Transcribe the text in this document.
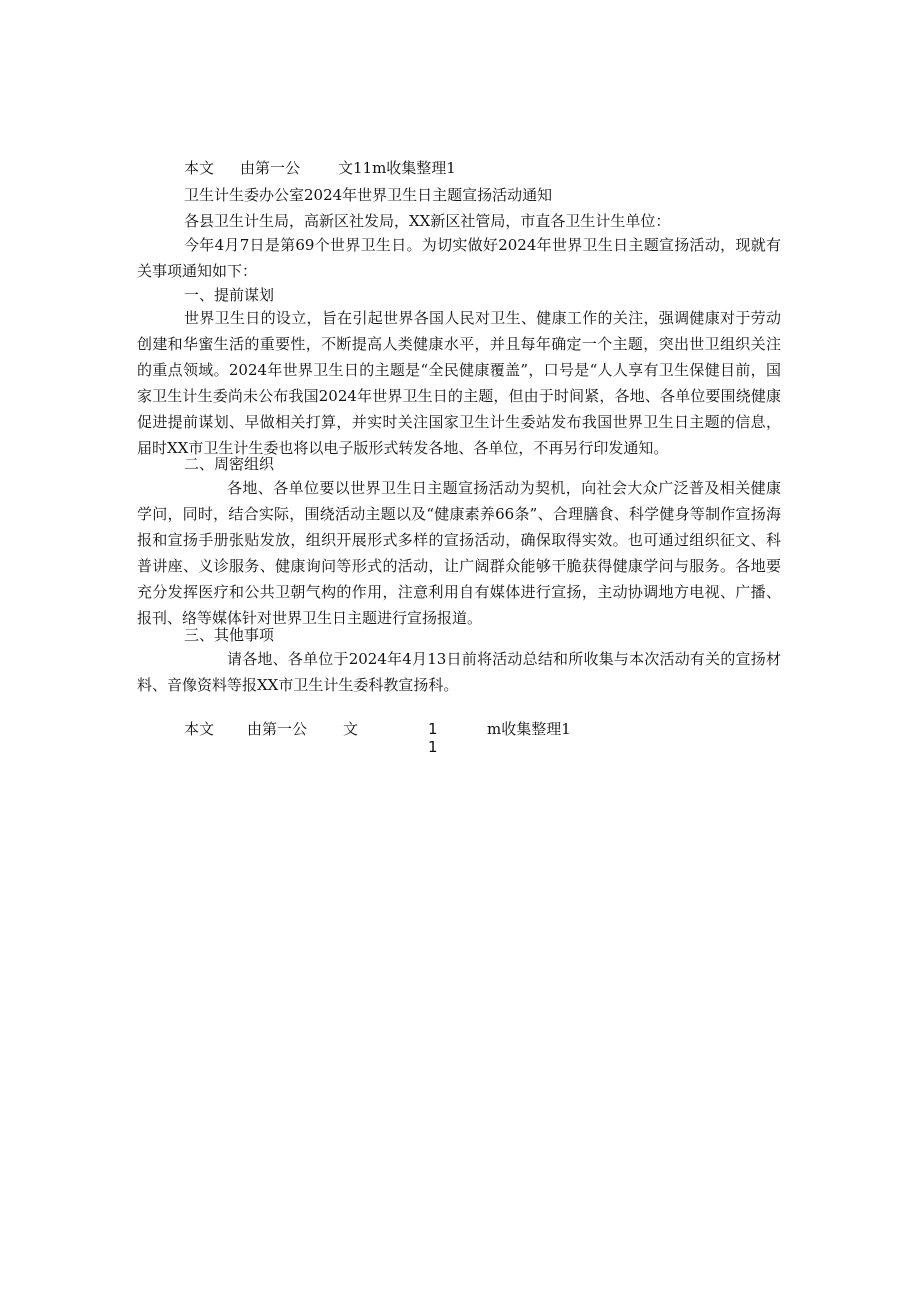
本文 由第一公	文11m收集整理1
卫生计生委办公室2024年世界卫生日主题宣扬活动通知
各县卫生计生局，高新区社发局，XX新区社管局，市直各卫生计生单位：

今年4月7日是第69个世界卫生日。为切实做好2024年世界卫生日主题宣扬活动，现就有关事项通知如下：

一、提前谋划

世界卫生日的设立，旨在引起世界各国人民对卫生、健康工作的关注，强调健康对于劳动创建和华蜜生活的重要性，不断提高人类健康水平，并且每年确定一个主题，突出世卫组织关注的重点领域。2024年世界卫生日的主题是“全民健康覆盖”，口号是“人人享有卫生保健目前，国家卫生计生委尚未公布我国2024年世界卫生日的主题，但由于时间紧，各地、各单位要围绕健康促进提前谋划、早做相关打算，并实时关注国家卫生计生委站发布我国世界卫生日主题的信息，届时XX市卫生计生委也将以电子版形式转发各地、各单位，不再另行印发通知。

二、周密组织

各地、各单位要以世界卫生日主题宣扬活动为契机，向社会大众广泛普及相关健康学问，同时，结合实际，围绕活动主题以及“健康素养66条”、合理膳食、科学健身等制作宣扬海报和宣扬手册张贴发放，组织开展形式多样的宣扬活动，确保取得实效。也可通过组织征文、科普讲座、义诊服务、健康询问等形式的活动，让广阔群众能够干脆获得健康学问与服务。各地要充分发挥医疗和公共卫朝气构的作用，注意利用自有媒体进行宣扬，主动协调地方电视、广播、报刊、络等媒体针对世界卫生日主题进行宣扬报道。

三、其他事项

请各地、各单位于2024年4月13日前将活动总结和所收集与本次活动有关的宣扬材料、音像资料等报XX市卫生计生委科教宣扬科。

本文 由第一公 文	1
1
m收集整理1
